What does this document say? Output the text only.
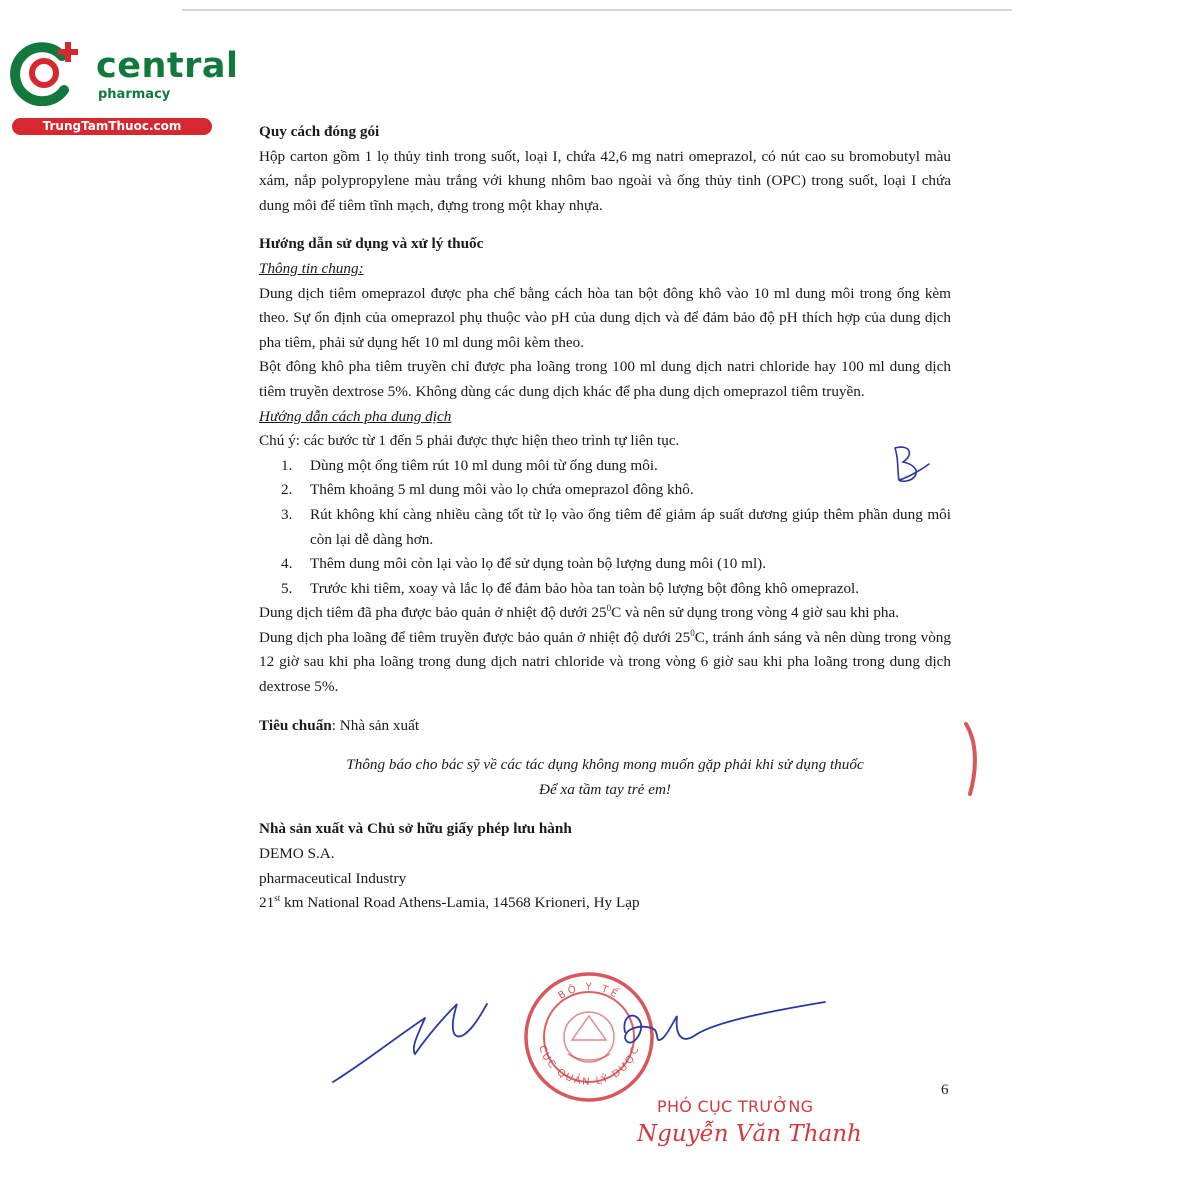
central
pharmacy
TrungTamThuoc.com	Quy cách đóng gói

Hộp carton gồm 1 lọ thủy tinh trong suốt, loại I, chứa 42,6 mg natri omeprazol, có nút cao su bromobutyl màu xám, nắp polypropylene màu trắng với khung nhôm bao ngoài và ống thủy tinh (OPC) trong suốt, loại I chứa dung môi để tiêm tĩnh mạch, đựng trong một khay nhựa.

Hướng dẫn sử dụng và xử lý thuốc

Thông tin chung:

Dung dịch tiêm omeprazol được pha chế bằng cách hòa tan bột đông khô vào 10 ml dung môi trong ống kèm theo. Sự ổn định của omeprazol phụ thuộc vào pH của dung dịch và để đảm bảo độ pH thích hợp của dung dịch pha tiêm, phải sử dụng hết 10 ml dung môi kèm theo.

Bột đông khô pha tiêm truyền chỉ được pha loãng trong 100 ml dung dịch natri chloride hay 100 ml dung dịch tiêm truyền dextrose 5%. Không dùng các dung dịch khác để pha dung dịch omeprazol tiêm truyền.

Hướng dẫn cách pha dung dịch

Chú ý: các bước từ 1 đến 5 phải được thực hiện theo trình tự liên tục.

1. Dùng một ống tiêm rút 10 ml dung môi từ ống dung môi.
2. Thêm khoảng 5 ml dung môi vào lọ chứa omeprazol đông khô.
3. Rút không khí càng nhiều càng tốt từ lọ vào ống tiêm để giảm áp suất dương giúp thêm phần dung môi còn lại dễ dàng hơn.
4. Thêm dung môi còn lại vào lọ để sử dụng toàn bộ lượng dung môi (10 ml).
5. Trước khi tiêm, xoay và lắc lọ để đảm bảo hòa tan toàn bộ lượng bột đông khô omeprazol.

Dung dịch tiêm đã pha được bảo quản ở nhiệt độ dưới $25^0C$ và nên sử dụng trong vòng 4 giờ sau khi pha.

Dung dịch pha loãng để tiêm truyền được bảo quản ở nhiệt độ dưới $25^0C$, tránh ánh sáng và nên dùng trong vòng 12 giờ sau khi pha loãng trong dung dịch natri chloride và trong vòng 6 giờ sau khi pha loãng trong dung dịch dextrose 5%.

Tiêu chuẩn: Nhà sản xuất

Thông báo cho bác sỹ về các tác dụng không mong muốn gặp phải khi sử dụng thuốc

Để xa tầm tay trẻ em!

Nhà sản xuất và Chủ sở hữu giấy phép lưu hành

DEMO S.A.

pharmaceutical Industry

21st km National Road Athens-Lamia, 14568 Krioneri, Hy Lạp

BỘ Y TẾ
CỤC QUẢN LÝ DƯỢC
PHÓ CỤC TRƯỞNG
Nguyễn Văn Thanh
6
